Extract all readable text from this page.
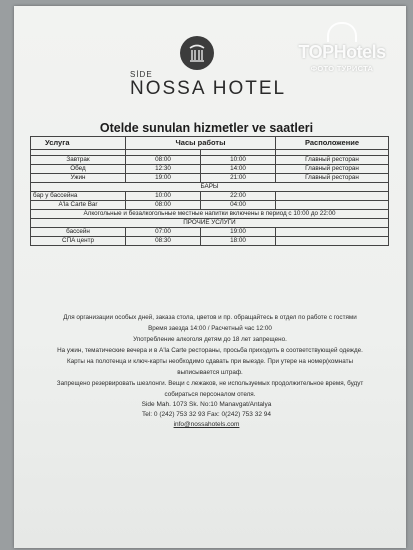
TOPHotels
ФОТО ТУРИСТА
SİDE
NOSSA HOTEL
Otelde sunulan hizmetler ve saatleri
Услуга	Часы работы		Расположение

Завтрак	08:00	10:00	Главный ресторан
Обед	12:30	14:00	Главный ресторан
Ужин	19:00	21:00	Главный ресторан
БАРЫ			
бар у бассейна	10:00	22:00	
A'la Carte Bar	08:00	04:00	
Алкогольные и безалкогольные местные напитки включены в период с 10:00 до 22:00			
ПРОЧИЕ УСЛУГИ			
бассейн	07:00	19:00	
СПА центр	08:30	18:00	
Для организации особых дней, заказа стола, цветов и пр. обращайтесь в отдел по работе с гостями
Время заезда 14:00 / Расчетный час 12:00
Употребление алкоголя детям до 18 лет запрещено.
На ужин, тематические вечера и в A'la Carte рестораны, просьба приходить в соответствующей одежде.
Карты на полотенца и ключ-карты необходимо сдавать при выезде. При утере на номер(комнаты
выписывается штраф.
Запрещено резервировать шезлонги. Вещи с лежаков, не используемых продолжительное время, будут
собираться персоналом отеля.
Side Mah. 1073 Sk. No:10 Manavgat/Antalya
Tel: 0 (242) 753 32 93 Fax: 0(242) 753 32 94
info@nossahotels.com
